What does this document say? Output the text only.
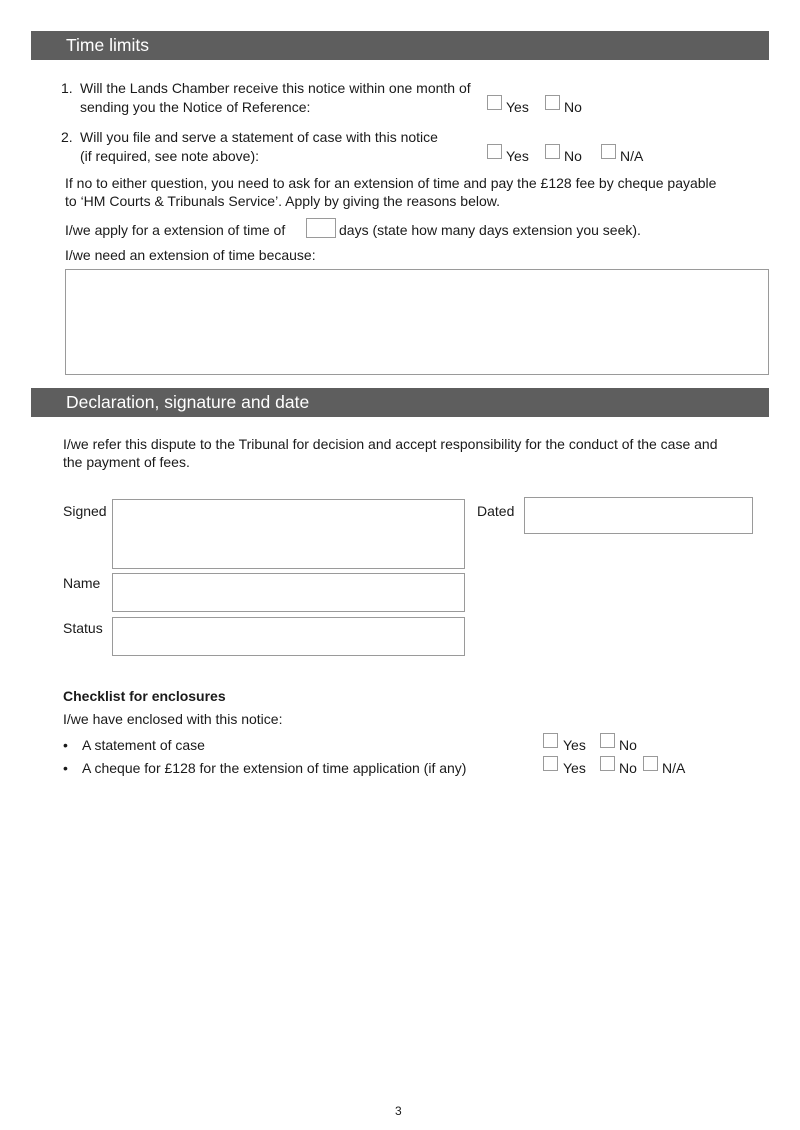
Time limits
1. Will the Lands Chamber receive this notice within one month of
sending you the Notice of Reference:	Yes	No
2. Will you file and serve a statement of case with this notice
(if required, see note above):	Yes	No	N/A
If no to either question, you need to ask for an extension of time and pay the £128 fee by cheque payable
to ‘HM Courts & Tribunals Service’. Apply by giving the reasons below.
I/we apply for a extension of time of	days (state how many days extension you seek).
I/we need an extension of time because:
Declaration, signature and date
I/we refer this dispute to the Tribunal for decision and accept responsibility for the conduct of the case and
the payment of fees.
Signed	Dated
Name
Status
Checklist for enclosures
I/we have enclosed with this notice:
• A statement of case	Yes No
• A cheque for £128 for the extension of time application (if any)	Yes No N/A
3
